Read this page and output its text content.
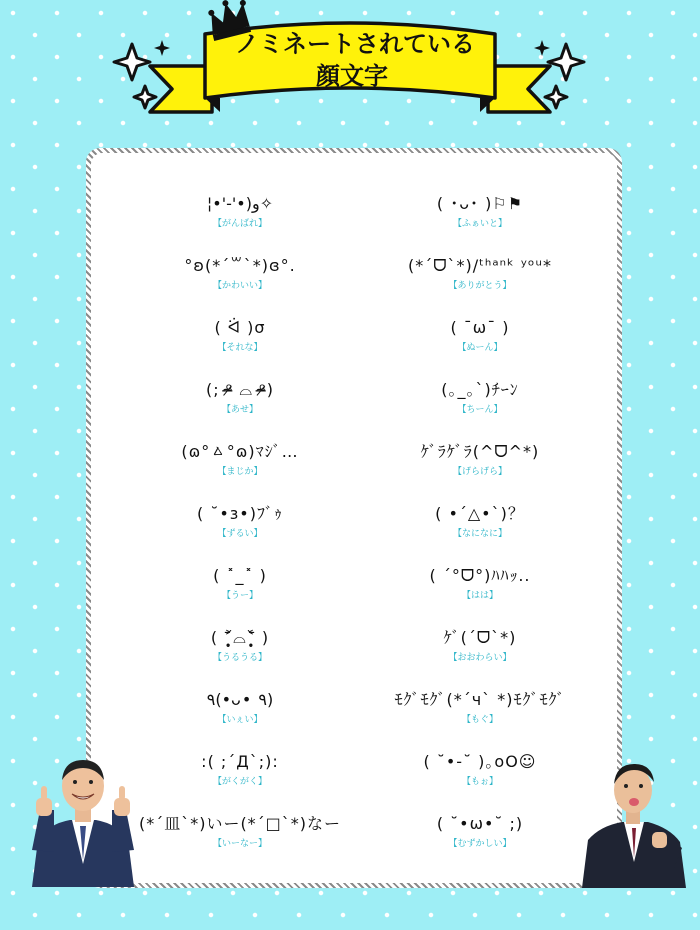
ノミネートされている
顔文字
¦•'-'•)و✧
【がんばれ】
°ʚ(*´꒳`*)ɞ°.
【かわいい】
( ᐛ )σ
【それな】
(; ᵒ̴̶̷ ⌓ ᵒ̴̶̷)
【あせ】
(ɷ°ㅿ°ɷ)ﾏｼﾞ…
【まじか】
( ˘•з•)ﾌﾞｩ
【ずるい】
( ˟_˟ )
【うー】
( ˃̣̣̥᷄⌓˂̣̣̥᷅ )
【うるうる】
٩(•ᴗ• ٩)
【いぇい】
:( ;´Д`;):
【がくがく】
(*´皿`*)いー(*´□`*)なー
【いーなー】
( ･ᴗ･ )⚐⚑
【ふぁいと】
(*´ᗜ`*)/ᵗʰᵃⁿᵏ ʸᵒᵘ*
【ありがとう】
( ¯ω¯ )
【ぬーん】
(｡_｡`)ﾁｰﾝ
【ちーん】
ｹﾞﾗｹﾞﾗ(^ᗜ^*)
【げらげら】
( •´△•`)？
【なになに】
( ´°ᗜ°)ﾊﾊｯ..
【はは】
ｹﾞ(´ᗜ`*)
【おおわらい】
ﾓｸﾞﾓｸﾞ(*´ч` *)ﾓｸﾞﾓｸﾞ
【もぐ】
( ˘•-˘ )｡oO☺︎
【もぉ】
( ˘•ω•˘ ;)
【むずかしい】
